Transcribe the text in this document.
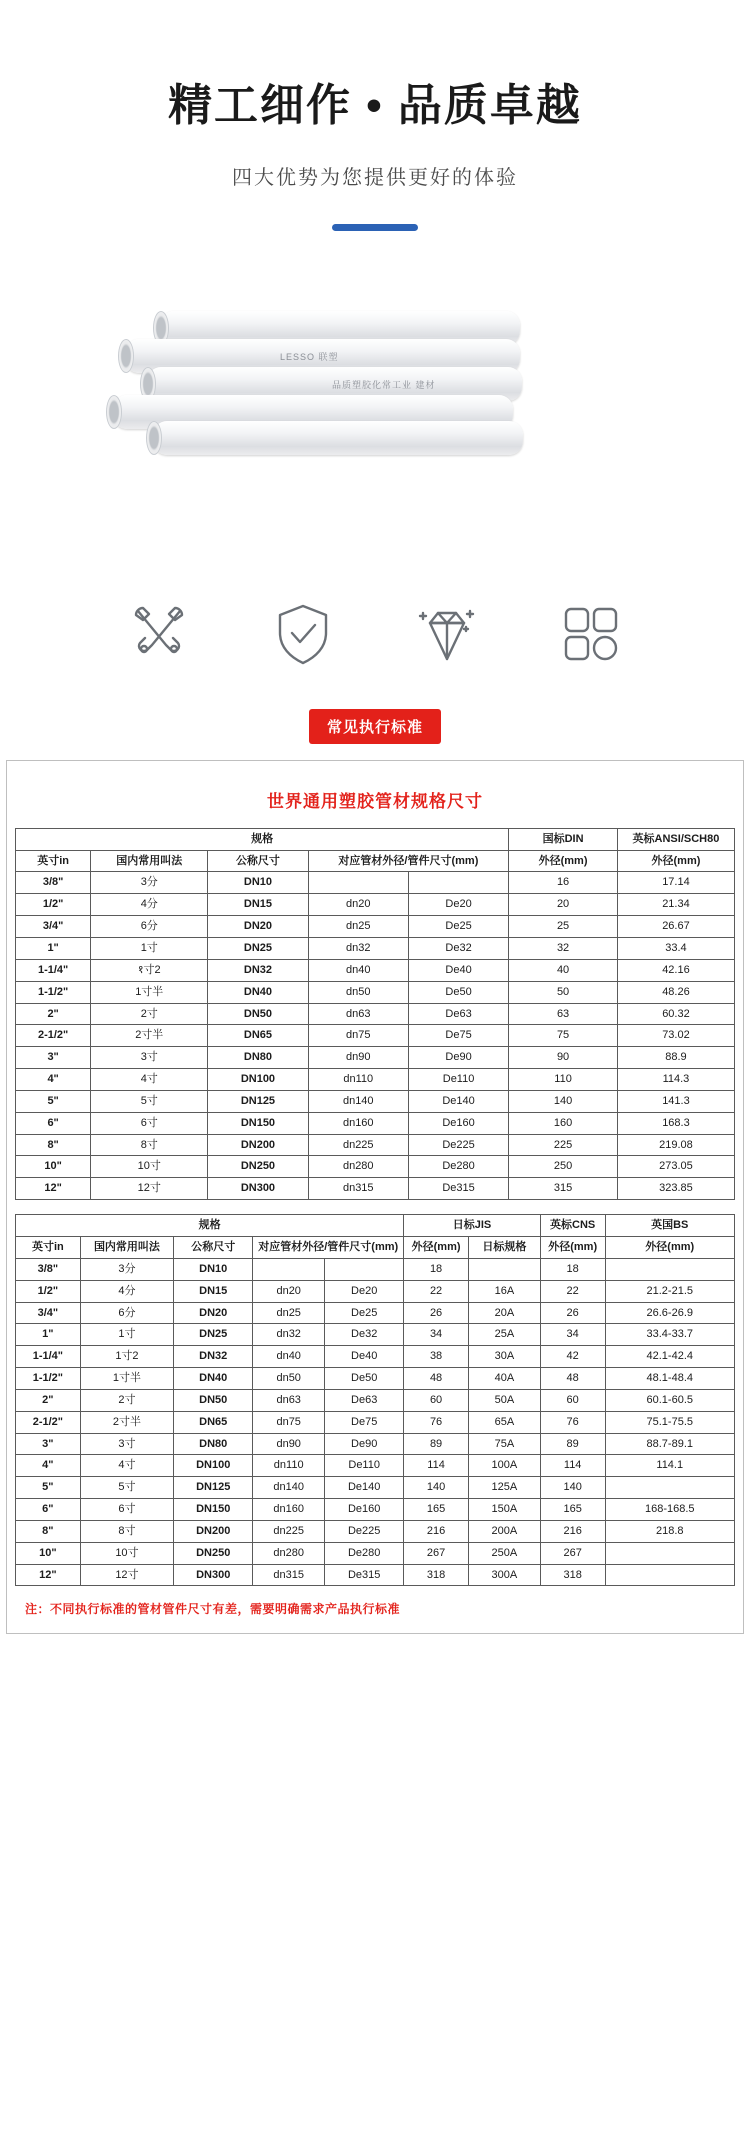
精工细作 • 品质卓越
四大优势为您提供更好的体验
LESSO 联塑
品质塑胶化常工业 建材
常见执行标准
世界通用塑胶管材规格尺寸
规格					国标DIN	英标ANSI/SCH80
英寸in	国内常用叫法	公称尺寸	对应管材外径/管件尺寸(mm)		外径(mm)	外径(mm)
3/8"	3分	DN10			16	17.14
1/2"	4分	DN15	dn20	De20	20	21.34
3/4"	6分	DN20	dn25	De25	25	26.67
1"	1寸	DN25	dn32	De32	32	33.4
1-1/4"	१寸2	DN32	dn40	De40	40	42.16
1-1/2"	1寸半	DN40	dn50	De50	50	48.26
2"	2寸	DN50	dn63	De63	63	60.32
2-1/2"	2寸半	DN65	dn75	De75	75	73.02
3"	3寸	DN80	dn90	De90	90	88.9
4"	4寸	DN100	dn110	De110	110	114.3
5"	5寸	DN125	dn140	De140	140	141.3
6"	6寸	DN150	dn160	De160	160	168.3
8"	8寸	DN200	dn225	De225	225	219.08
10"	10寸	DN250	dn280	De280	250	273.05
12"	12寸	DN300	dn315	De315	315	323.85
规格					日标JIS		英标CNS	英国BS
英寸in	国内常用叫法	公称尺寸	对应管材外径/管件尺寸(mm)		外径(mm)	日标规格	外径(mm)	外径(mm)
3/8"	3分	DN10			18		18	
1/2"	4分	DN15	dn20	De20	22	16A	22	21.2-21.5
3/4"	6分	DN20	dn25	De25	26	20A	26	26.6-26.9
1"	1寸	DN25	dn32	De32	34	25A	34	33.4-33.7
1-1/4"	1寸2	DN32	dn40	De40	38	30A	42	42.1-42.4
1-1/2"	1寸半	DN40	dn50	De50	48	40A	48	48.1-48.4
2"	2寸	DN50	dn63	De63	60	50A	60	60.1-60.5
2-1/2"	2寸半	DN65	dn75	De75	76	65A	76	75.1-75.5
3"	3寸	DN80	dn90	De90	89	75A	89	88.7-89.1
4"	4寸	DN100	dn110	De110	114	100A	114	114.1
5"	5寸	DN125	dn140	De140	140	125A	140	
6"	6寸	DN150	dn160	De160	165	150A	165	168-168.5
8"	8寸	DN200	dn225	De225	216	200A	216	218.8
10"	10寸	DN250	dn280	De280	267	250A	267	
12"	12寸	DN300	dn315	De315	318	300A	318	
注：不同执行标准的管材管件尺寸有差，需要明确需求产品执行标准
